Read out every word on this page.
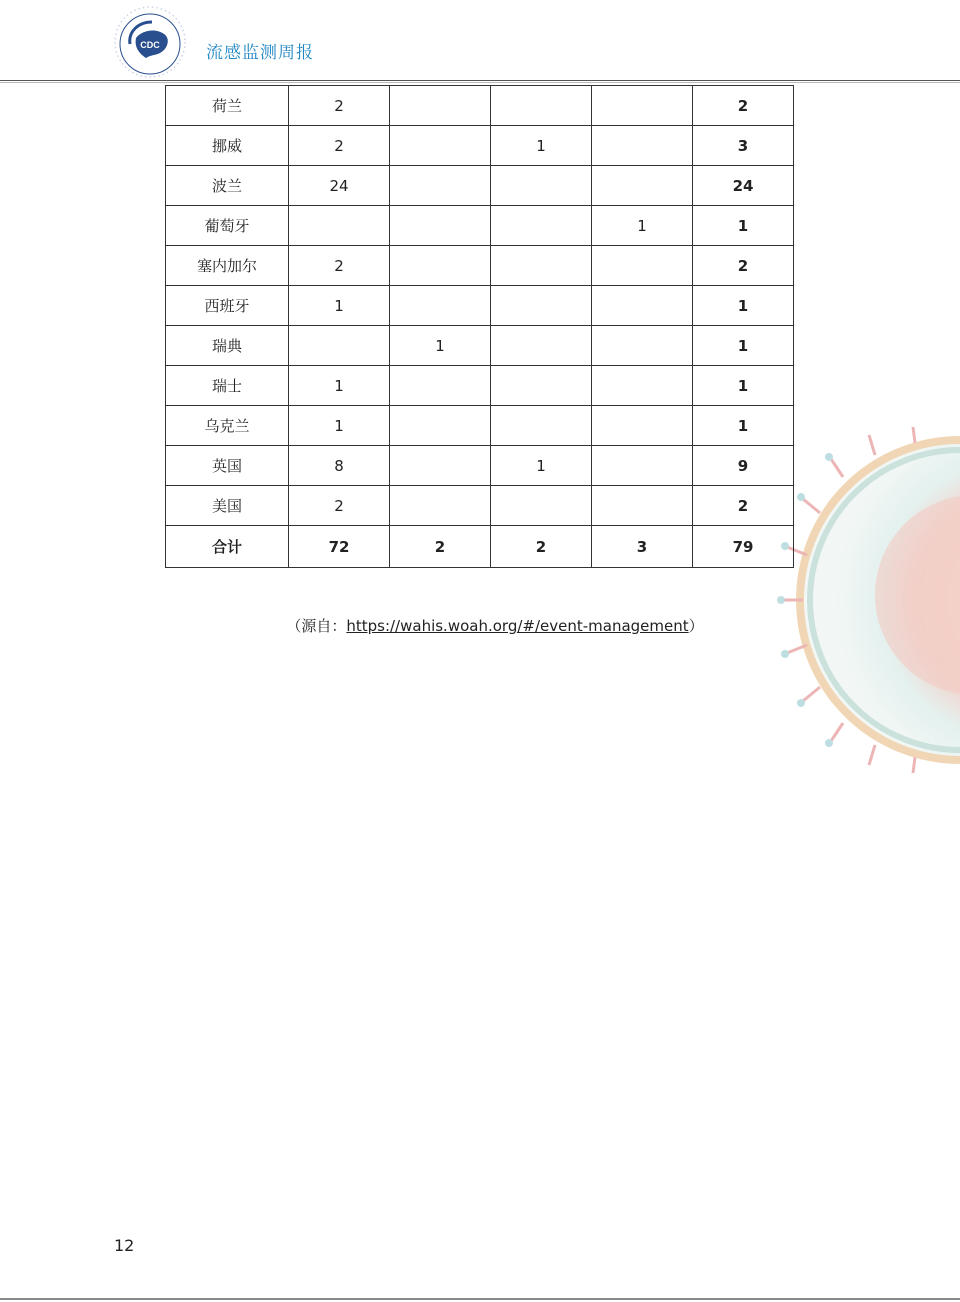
CDC	流感监测周报
荷兰	2				2
挪威	2		1		3
波兰	24				24
葡萄牙				1	1
塞内加尔	2				2
西班牙	1				1
瑞典		1			1
瑞士	1				1
乌克兰	1				1
英国	8		1		9
美国	2				2
合计	72	2	2	3	79
（源自：https://wahis.woah.org/#/event-management）
12
